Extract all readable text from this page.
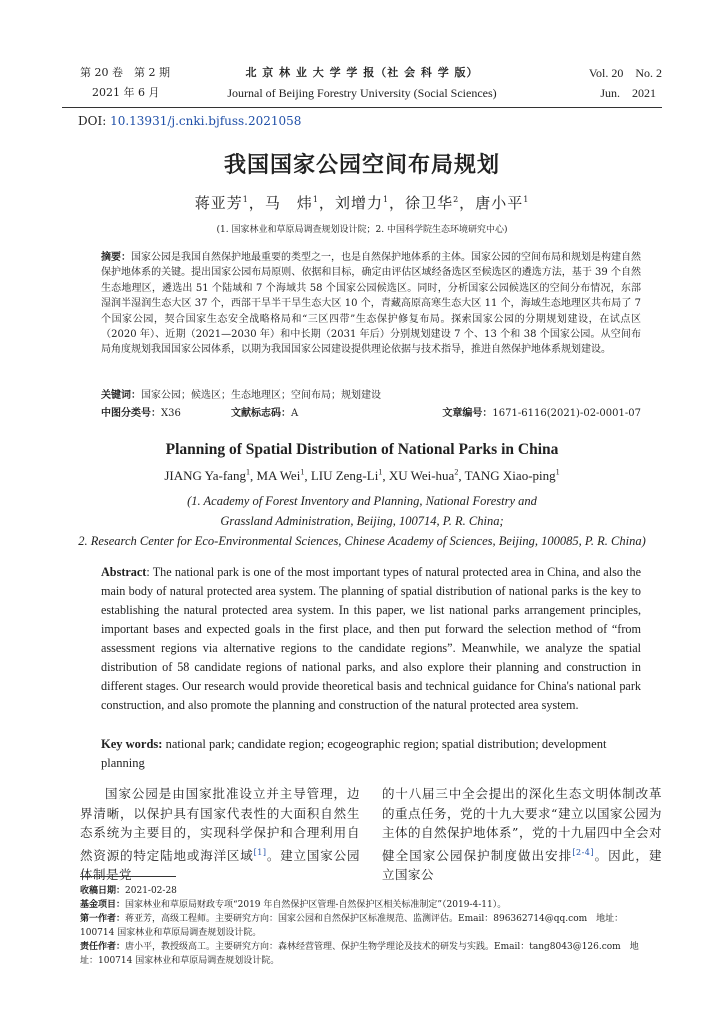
第 20 卷　第 2 期
2021 年 6 月
北 京 林 业 大 学 学 报（社 会 科 学 版）
Journal of Beijing Forestry University (Social Sciences)
Vol. 20　No. 2
Jun.　2021
DOI: 10.13931/j.cnki.bjfuss.2021058
我国国家公园空间布局规划
蒋亚芳$^1$，马　炜$^1$，刘增力$^1$，徐卫华$^2$，唐小平$^1$
(1. 国家林业和草原局调查规划设计院；2. 中国科学院生态环境研究中心)
摘要：国家公园是我国自然保护地最重要的类型之一，也是自然保护地体系的主体。国家公园的空间布局和规划是构建自然保护地体系的关键。提出国家公园布局原则、依据和目标，确定由评估区域经备选区至候选区的遴选方法，基于 39 个自然生态地理区，遴选出 51 个陆域和 7 个海域共 58 个国家公园候选区。同时，分析国家公园候选区的空间分布情况，东部湿润半湿润生态大区 37 个，西部干旱半干旱生态大区 10 个，青藏高原高寒生态大区 11 个，海域生态地理区共布局了 7 个国家公园，契合国家生态安全战略格局和“三区四带”生态保护修复布局。探索国家公园的分期规划建设，在试点区（2020 年）、近期（2021—2030 年）和中长期（2031 年后）分别规划建设 7 个、13 个和 38 个国家公园。从空间布局角度规划我国国家公园体系，以期为我国国家公园建设提供理论依据与技术指导，推进自然保护地体系规划建设。
关键词：国家公园；候选区；生态地理区；空间布局；规划建设
中图分类号：X36	文献标志码：A	文章编号：1671-6116(2021)-02-0001-07
Planning of Spatial Distribution of National Parks in China
JIANG Ya-fang$^1$, MA Wei$^1$, LIU Zeng-Li$^1$, XU Wei-hua$^2$, TANG Xiao-ping$^1$
(1. Academy of Forest Inventory and Planning, National Forestry and
Grassland Administration, Beijing, 100714, P. R. China;
2. Research Center for Eco-Environmental Sciences, Chinese Academy of Sciences, Beijing, 100085, P. R. China)
Abstract: The national park is one of the most important types of natural protected area in China, and also the main body of natural protected area system. The planning of spatial distribution of national parks is the key to establishing the natural protected area system. In this paper, we list national parks arrangement principles, important bases and expected goals in the first place, and then put forward the selection method of “from assessment regions via alternative regions to the candidate regions”. Meanwhile, we analyze the spatial distribution of 58 candidate regions of national parks, and also explore their planning and construction in different stages. Our research would provide theoretical basis and technical guidance for China's national park construction, and also promote the planning and construction of the natural protected area system.
Key words: national park; candidate region; ecogeographic region; spatial distribution; development planning
国家公园是由国家批准设立并主导管理，边界清晰，以保护具有国家代表性的大面积自然生态系统为主要目的，实现科学保护和合理利用自然资源的特定陆地或海洋区域[1]。建立国家公园体制是党
的十八届三中全会提出的深化生态文明体制改革的重点任务，党的十九大要求“建立以国家公园为主体的自然保护地体系”，党的十九届四中全会对健全国家公园保护制度做出安排[2-4]。因此，建立国家公
收稿日期：2021-02-28
基金项目：国家林业和草原局财政专项“2019 年自然保护区管理-自然保护区相关标准制定”（2019-4-11）。
第一作者：蒋亚芳，高级工程师。主要研究方向：国家公园和自然保护区标准规范、监测评估。Email：896362714@qq.com　地址：100714 国家林业和草原局调查规划设计院。
责任作者：唐小平，教授级高工。主要研究方向：森林经营管理、保护生物学理论及技术的研发与实践。Email：tang8043@126.com　地址：100714 国家林业和草原局调查规划设计院。
